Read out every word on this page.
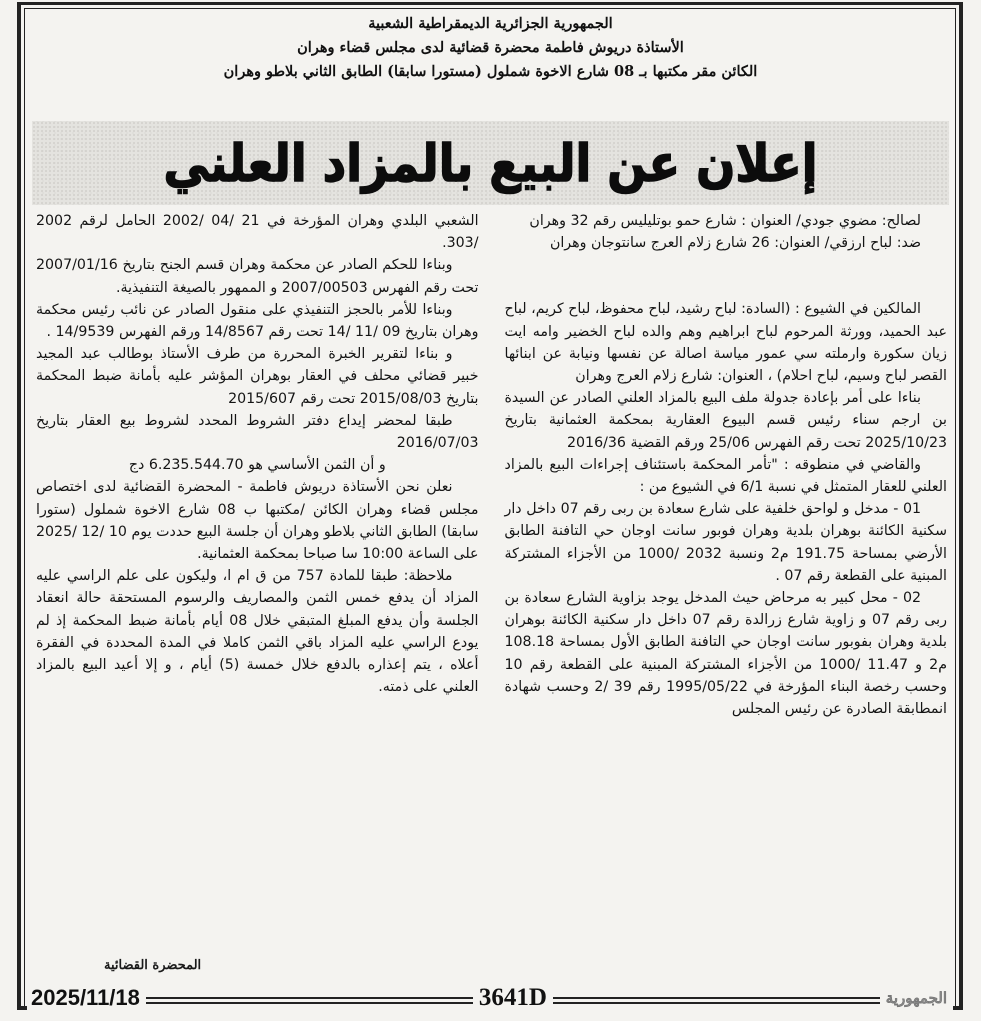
الجمهورية الجزائرية الديمقراطية الشعبية
الأستاذة دريوش فاطمة محضرة قضائية لدى مجلس قضاء وهران
الكائن مقر مكتبها بـ 08 شارع الاخوة شملول (مستورا سابقا) الطابق الثاني بلاطو وهران
إعلان عن البيع بالمزاد العلني

لصالح: مضوي جودي/ العنوان : شارع حمو بوتليليس رقم 32 وهران

ضد: لباح ارزقي/ العنوان: 26 شارع زلام العرج سانتوجان وهران

المالكين في الشيوع : (السادة: لباح رشيد، لباح محفوظ، لباح كريم، لباح عبد الحميد، وورثة المرحوم لباح ابراهيم وهم والده لباح الخضير وامه ايت زيان سكورة وارملته سي عمور مياسة اصالة عن نفسها ونيابة عن ابنائها القصر لباح وسيم، لباح احلام) ، العنوان: شارع زلام العرج وهران

بناءا على أمر بإعادة جدولة ملف البيع بالمزاد العلني الصادر عن السيدة بن ارجم سناء رئيس قسم البيوع العقارية بمحكمة العثمانية بتاريخ 2025/10/23 تحت رقم الفهرس 25/06 ورقم القضية 2016/36

والقاضي في منطوقه : "تأمر المحكمة باستئناف إجراءات البيع بالمزاد العلني للعقار المتمثل في نسبة 6/1 في الشيوع من :

01 - مدخل و لواحق خلفية على شارع سعادة بن ربى رقم 07 داخل دار سكنية الكائنة بوهران بلدية وهران فوبور سانت اوجان حي التافنة الطابق الأرضي بمساحة 191.75 م2 ونسبة 2032 /1000 من الأجزاء المشتركة المبنية على القطعة رقم 07 .

02 - محل كبير به مرحاض حيث المدخل يوجد بزاوية الشارع سعادة بن ربى رقم 07 و زاوية شارع زرالدة رقم 07 داخل دار سكنية الكائنة بوهران بلدية وهران بفوبور سانت اوجان حي التافنة الطابق الأول بمساحة 108.18 م2 و 11.47 /1000 من الأجزاء المشتركة المبنية على القطعة رقم 10 وحسب رخصة البناء المؤرخة في 1995/05/22 رقم 39 /2 وحسب شهادة انمطابقة الصادرة عن رئيس المجلس

الشعبي البلدي وهران المؤرخة في 21 /04 /2002 الحامل لرقم 2002 /303.

وبناءا للحكم الصادر عن محكمة وهران قسم الجنح بتاريخ 2007/01/16 تحت رقم الفهرس 2007/00503 و الممهور بالصيغة التنفيذية.

وبناءا للأمر بالحجز التنفيذي على منقول الصادر عن نائب رئيس محكمة وهران بتاريخ 09 /11 /14 تحت رقم 14/8567 ورقم الفهرس 14/9539 .

و بناءا لتقرير الخبرة المحررة من طرف الأستاذ بوطالب عبد المجيد خبير قضائي محلف في العقار بوهران المؤشر عليه بأمانة ضبط المحكمة بتاريخ 2015/08/03 تحت رقم 2015/607

طبقا لمحضر إيداع دفتر الشروط المحدد لشروط بيع العقار بتاريخ 2016/07/03

و أن الثمن الأساسي هو 6.235.544.70 دج

نعلن نحن الأستاذة دريوش فاطمة - المحضرة القضائية لدى اختصاص مجلس قضاء وهران الكائن /مكتبها ب 08 شارع الاخوة شملول (ستورا سابقا) الطابق الثاني بلاطو وهران أن جلسة البيع حددت يوم 10 /12 /2025 على الساعة 10:00 سا صباحا بمحكمة العثمانية.

ملاحظة: طبقا للمادة 757 من ق ام ا، وليكون على علم الراسي عليه المزاد أن يدفع خمس الثمن والمصاريف والرسوم المستحقة حالة انعقاد الجلسة وأن يدفع المبلغ المتبقي خلال 08 أيام بأمانة ضبط المحكمة إذ لم يودع الراسي عليه المزاد باقي الثمن كاملا في المدة المحددة في الفقرة أعلاه ، يتم إعذاره بالدفع خلال خمسة (5) أيام ، و إلا أعيد البيع بالمزاد العلني على ذمته.

المحضرة القضائية
2025/11/18	3641D	الجمهورية
